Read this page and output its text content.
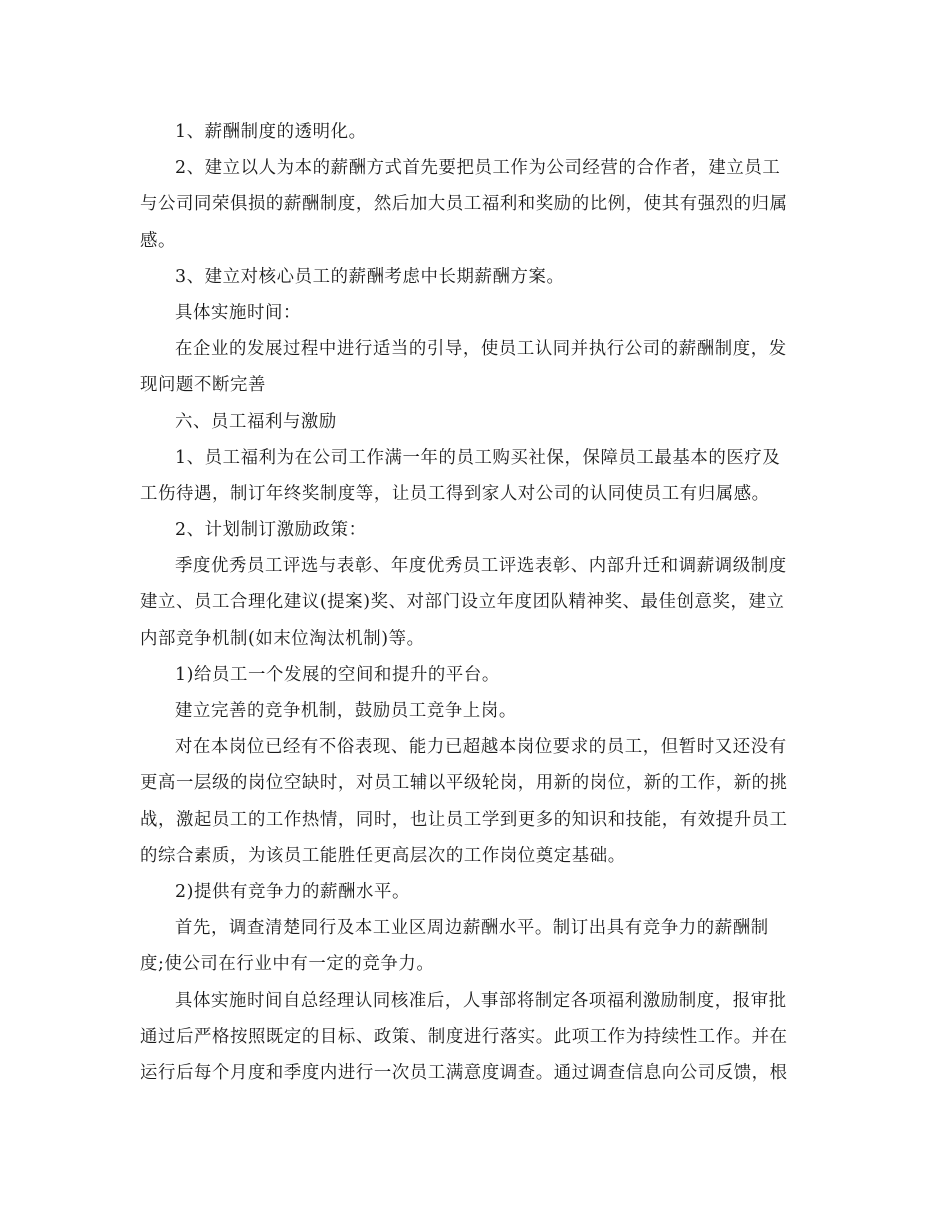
1、薪酬制度的透明化。
2、建立以人为本的薪酬方式首先要把员工作为公司经营的合作者，建立员工
与公司同荣俱损的薪酬制度，然后加大员工福利和奖励的比例，使其有强烈的归属
感。
3、建立对核心员工的薪酬考虑中长期薪酬方案。
具体实施时间：
在企业的发展过程中进行适当的引导，使员工认同并执行公司的薪酬制度，发
现问题不断完善
六、员工福利与激励
1、员工福利为在公司工作满一年的员工购买社保，保障员工最基本的医疗及
工伤待遇，制订年终奖制度等，让员工得到家人对公司的认同使员工有归属感。
2、计划制订激励政策：
季度优秀员工评选与表彰、年度优秀员工评选表彰、内部升迁和调薪调级制度
建立、员工合理化建议(提案)奖、对部门设立年度团队精神奖、最佳创意奖，建立
内部竞争机制(如末位淘汰机制)等。
1)给员工一个发展的空间和提升的平台。
建立完善的竞争机制，鼓励员工竞争上岗。
对在本岗位已经有不俗表现、能力已超越本岗位要求的员工，但暂时又还没有
更高一层级的岗位空缺时，对员工辅以平级轮岗，用新的岗位，新的工作，新的挑
战，激起员工的工作热情，同时，也让员工学到更多的知识和技能，有效提升员工
的综合素质，为该员工能胜任更高层次的工作岗位奠定基础。
2)提供有竞争力的薪酬水平。
首先，调查清楚同行及本工业区周边薪酬水平。制订出具有竞争力的薪酬制
度;使公司在行业中有一定的竞争力。
具体实施时间自总经理认同核准后，人事部将制定各项福利激励制度，报审批
通过后严格按照既定的目标、政策、制度进行落实。此项工作为持续性工作。并在
运行后每个月度和季度内进行一次员工满意度调查。通过调查信息向公司反馈，根
